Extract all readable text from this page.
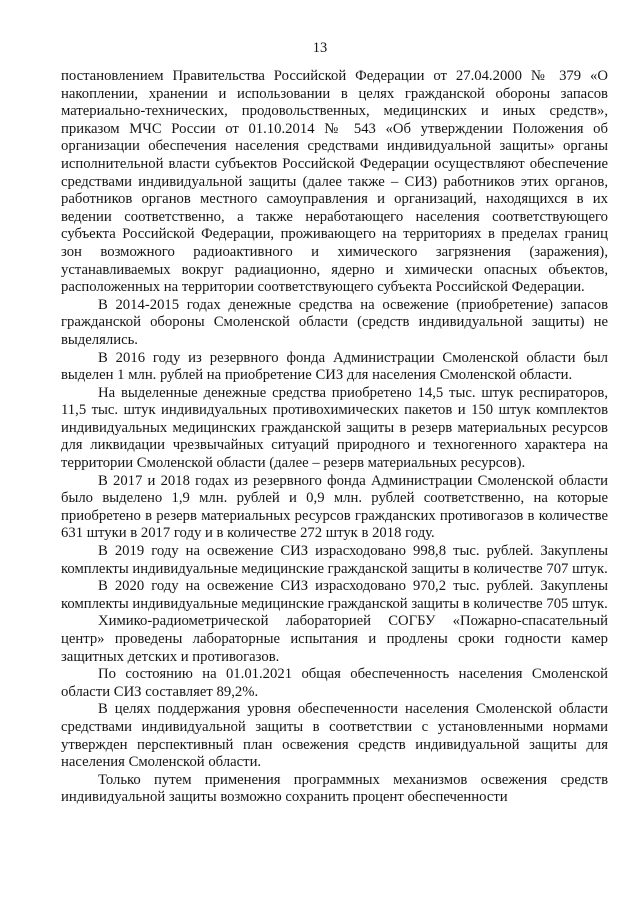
13

постановлением Правительства Российской Федерации от 27.04.2000 № 379 «О накоплении, хранении и использовании в целях гражданской обороны запасов материально-технических, продовольственных, медицинских и иных средств», приказом МЧС России от 01.10.2014 № 543 «Об утверждении Положения об организации обеспечения населения средствами индивидуальной защиты» органы исполнительной власти субъектов Российской Федерации осуществляют обеспечение средствами индивидуальной защиты (далее также – СИЗ) работников этих органов, работников органов местного самоуправления и организаций, находящихся в их ведении соответственно, а также неработающего населения соответствующего субъекта Российской Федерации, проживающего на территориях в пределах границ зон возможного радиоактивного и химического загрязнения (заражения), устанавливаемых вокруг радиационно, ядерно и химически опасных объектов, расположенных на территории соответствующего субъекта Российской Федерации.

В 2014-2015 годах денежные средства на освежение (приобретение) запасов гражданской обороны Смоленской области (средств индивидуальной защиты) не выделялись.

В 2016 году из резервного фонда Администрации Смоленской области был выделен 1 млн. рублей на приобретение СИЗ для населения Смоленской области.

На выделенные денежные средства приобретено 14,5 тыс. штук респираторов, 11,5 тыс. штук индивидуальных противохимических пакетов и 150 штук комплектов индивидуальных медицинских гражданской защиты в резерв материальных ресурсов для ликвидации чрезвычайных ситуаций природного и техногенного характера на территории Смоленской области (далее – резерв материальных ресурсов).

В 2017 и 2018 годах из резервного фонда Администрации Смоленской области было выделено 1,9 млн. рублей и 0,9 млн. рублей соответственно, на которые приобретено в резерв материальных ресурсов гражданских противогазов в количестве 631 штуки в 2017 году и в количестве 272 штук в 2018 году.

В 2019 году на освежение СИЗ израсходовано 998,8 тыс. рублей. Закуплены комплекты индивидуальные медицинские гражданской защиты в количестве 707 штук.

В 2020 году на освежение СИЗ израсходовано 970,2 тыс. рублей. Закуплены комплекты индивидуальные медицинские гражданской защиты в количестве 705 штук.

Химико-радиометрической лабораторией СОГБУ «Пожарно-спасательный центр» проведены лабораторные испытания и продлены сроки годности камер защитных детских и противогазов.

По состоянию на 01.01.2021 общая обеспеченность населения Смоленской области СИЗ составляет 89,2%.

В целях поддержания уровня обеспеченности населения Смоленской области средствами индивидуальной защиты в соответствии с установленными нормами утвержден перспективный план освежения средств индивидуальной защиты для населения Смоленской области.

Только путем применения программных механизмов освежения средств индивидуальной защиты возможно сохранить процент обеспеченности
